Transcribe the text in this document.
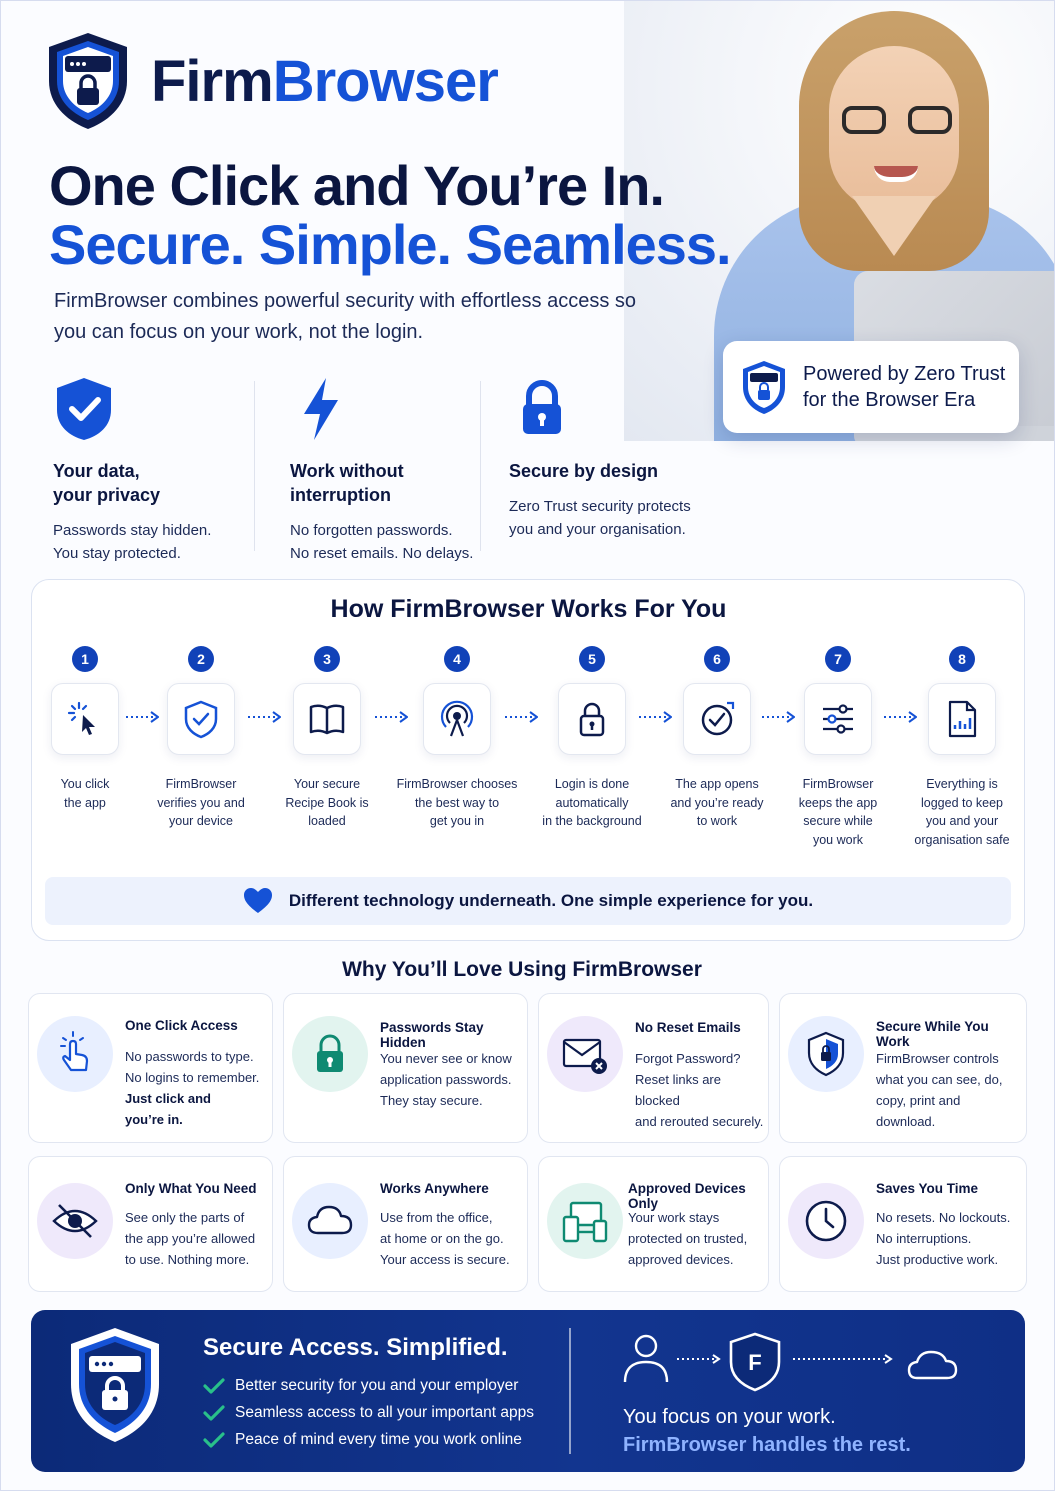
FirmBrowser
One Click and You’re In.
Secure. Simple. Seamless.
FirmBrowser combines powerful security with effortless access so you can focus on your work, not the login.
Powered by Zero Trust for the Browser Era
Your data,
your privacy
Passwords stay hidden.
You stay protected.
Work without
interruption
No forgotten passwords.
No reset emails. No delays.
Secure by design
Zero Trust security protects
you and your organisation.
How FirmBrowser Works For You
1
You click
the app
2
FirmBrowser
verifies you and
your device
3
Your secure
Recipe Book is
loaded
4
FirmBrowser chooses
the best way to
get you in
5
Login is done
automatically
in the background
6
The app opens
and you’re ready
to work
7
FirmBrowser
keeps the app
secure while
you work
8
Everything is
logged to keep
you and your
organisation safe
Different technology underneath. One simple experience for you.
Why You’ll Love Using FirmBrowser
One Click Access
No passwords to type.
No logins to remember.
Just click and
you’re in.
Passwords Stay Hidden
You never see or know
application passwords.
They stay secure.
No Reset Emails
Forgot Password?
Reset links are blocked
and rerouted securely.
Secure While You Work
FirmBrowser controls
what you can see, do,
copy, print and
download.
Only What You Need
See only the parts of
the app you’re allowed
to use. Nothing more.
Works Anywhere
Use from the office,
at home or on the go.
Your access is secure.
Approved Devices Only
Your work stays
protected on trusted,
approved devices.
Saves You Time
No resets. No lockouts.
No interruptions.
Just productive work.
Secure Access. Simplified.
Better security for you and your employer
Seamless access to all your important apps
Peace of mind every time you work online
F
You focus on your work.
FirmBrowser handles the rest.
